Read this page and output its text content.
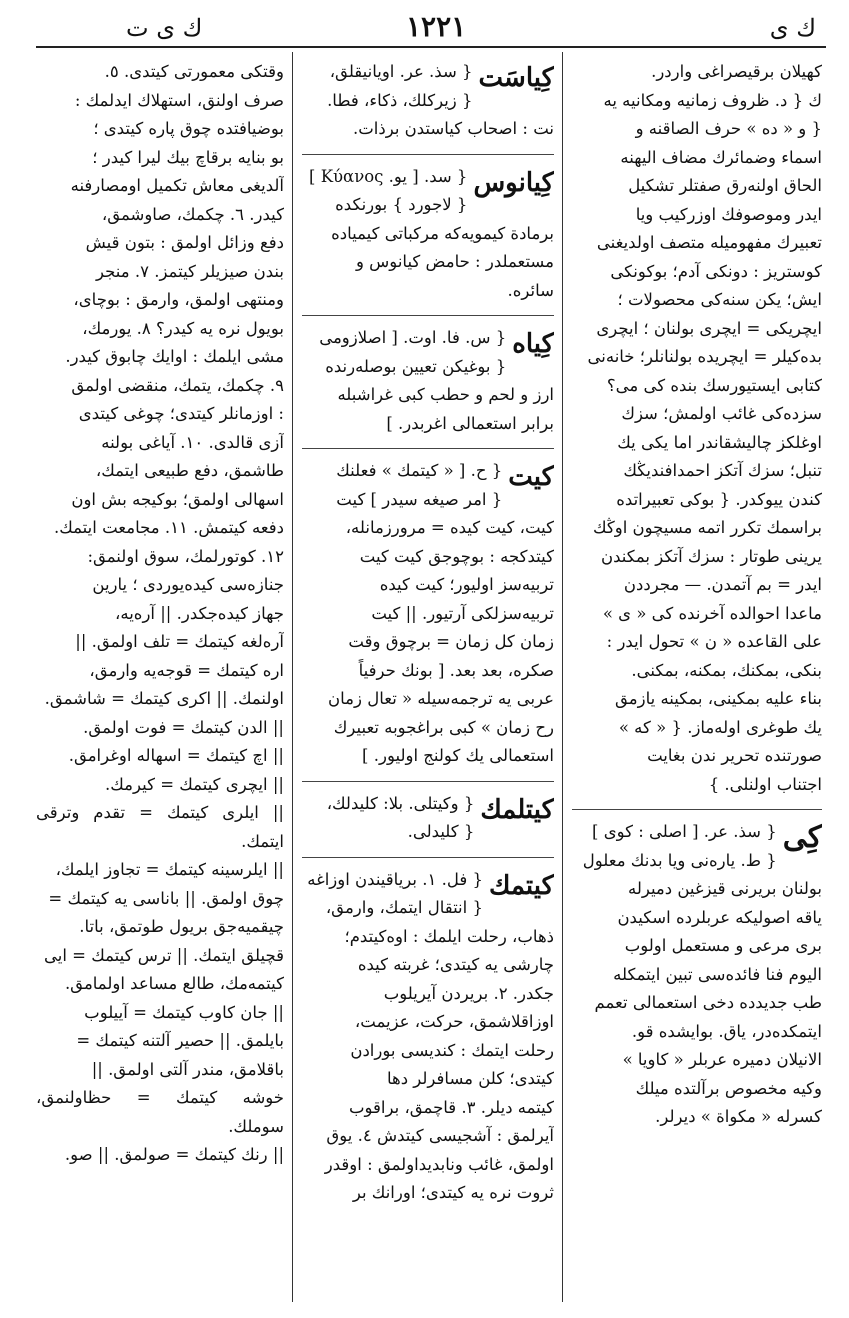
ك ى ت	١٢٢١	ك ى

كهيلان برقيصراغى واردر.

ك { د. ظروف زمانيه ومكانيه يه

{ و « ده » حرف الصاقنه و

اسماء وضمائرك مضاف اليهنه

الحاق اولنەرق صفتلر تشكيل

ايدر وموصوفك اوزركيب ويا

تعبيرك مفهوميله متصف اولديغنى

كوستريز : دونكى آدم؛ بوكونكى

ايش؛ يكن سنەكى محصولات ؛

ايچريكى = ايچرى بولنان ؛ ايچرى

بدەكيلر = ايچريده بولنانلر؛ خانەنى

كتابى ايستيورسك بنده كى مى؟

سزدەكى غائب اولمش؛ سزك

اوغلكز چاليشقاندر اما يكى يك

تنبل؛ سزك آتكز احمدافنديڭك

كندن ييوكدر. { بوكى تعبيراتده

براسمك تكرر اتمه مسيچون اوڭك

يرينى طوتار : سزك آتكز بمكندن

ايدر = بم آتمدن. — مجرددن

ماعدا احوالده آخرنده كى « ى »

على القاعده « ن » تحول ايدر :

بنكى، بمكنك، بمكنه، بمكنى.

بناء عليه بمكينى، بمكينه يازمق

يك طوغرى اولەماز. { « كه »

صورتنده تحرير ندن بغايت

اجتناب اولنلى. }

كِى

{ سذ. عر. [ اصلى : كوى ]

{ ط. يارەنى ويا بدنك معلول

بولنان بريرنى قيزغين دميرله

ياقه اصوليكه عربلرده اسكيدن

برى مرعى و مستعمل اولوب

اليوم فنا فائدەسى تبين ايتمكله

طب جديدده دخى استعمالى تعمم

ايتمكدەدر، ياق. بوايشده قو.

الانيلان دميره عربلر « كاويا »

وكيه مخصوص برآلتده ميلك

كسرله « مكواة » ديرلر.

كِياسَت

{ سذ. عر. اويانيقلق،

{ زيركلك، ذكاء، فطا.

نت : اصحاب كياستدن برذات.

كِيانوس

{ سد. [ يو. Κύανος ]

{ لاجورد } بورنكده

برمادة كيمويەكه مركباتى كيمياده

مستعملدر : حامض كيانوس و

سائره.

كِياه

{ س. فا. اوت. [ اصلازومى

{ بوغيكن تعيين بوصلەرنده

ارز و لحم و حطب كبى غراشبله

برابر استعمالى اغربدر. ]

كيت

{ ح. [ « كيتمك » فعلنك

{ امر صيغه سيدر ] كيت

كيت، كيت كيده = مرورزمانله،

كيتدكجه : بوچوجق كيت كيت

تربيەسز اوليور؛ كيت كيده

تربيەسزلكى آرتيور. || كيت

زمان كل زمان = برچوق وقت

صكره، بعد بعد. [ بونك حرفياً

عربى يه ترجمەسيله « تعال زمان

رح زمان » كبى براغجوبه تعبيرك

استعمالى يك كولنج اوليور. ]

كيتلمك

{ وكيتلى. بلا: كليدلك،

{ كليدلى.

كيتمك

{ فل. ١. برياقيندن اوزاغه

{ انتقال ايتمك، وارمق،

ذهاب، رحلت ايلمك : اوەكيتدم؛

چارشى يه كيتدى؛ غربته كيده

جكدر. ٢. بريردن آيريلوب

اوزاقلاشمق، حركت، عزيمت،

رحلت ايتمك : كنديسى بورادن

كيتدى؛ كلن مسافرلر دها

كيتمه ديلر. ٣. قاچمق، براقوب

آيرلمق : آشجيسى كيتدش ٤. يوق

اولمق، غائب ونابديداولمق : اوقدر

ثروت نره يه كيتدى؛ اورانك بر

وقتكى معمورتى كيتدى. ٥.

صرف اولنق، استهلاك ايدلمك :

بوضيافتده چوق پاره كيتدى ؛

بو بنايه برقاچ بيك ليرا كيدر ؛

آلديغى معاش تكميل اومصارفنه

كيدر. ٦. چكمك، صاوشمق،

دفع وزائل اولمق : بتون قيش

بندن صيزيلر كيتمز. ٧. منجر

ومنتهى اولمق، وارمق : بوچاى،

بويول نره يه كيدر؟ ٨. يورمك،

مشى ايلمك : اوايك چابوق كيدر.

٩. چكمك، يتمك، منقضى اولمق

: اوزمانلر كيتدى؛ چوغى كيتدى

آزى قالدى. ١٠. آياغى بولنه

طاشمق، دفع طبيعى ايتمك،

اسهالى اولمق؛ بوكيجه بش اون

دفعه كيتمش. ١١. مجامعت ايتمك.

١٢. كوتورلمك، سوق اولنمق:

جنازەسى كيدەيوردى ؛ يارين

جهاز كيدەجكدر. || آرەيه،

آرەلغه كيتمك = تلف اولمق. ||

اره كيتمك = قوجەيه وارمق،

اولنمك. || اكرى كيتمك = شاشمق.

|| الدن كيتمك = فوت اولمق.

|| اچ كيتمك = اسهاله اوغرامق.

|| ايچرى كيتمك = كيرمك.

|| ايلرى كيتمك = تقدم وترقى ايتمك.

|| ايلرسينه كيتمك = تجاوز ايلمك،

چوق اولمق. || باناسى يه كيتمك =

چيقميەجق بريول طوتمق، باتا.

قچيلق ايتمك. || ترس كيتمك = ايى

كيتمەمك، طالع مساعد اولمامق.

|| جان كاوب كيتمك = آييلوب

بايلمق. || حصير آلتنه كيتمك =

باقلامق، مندر آلتى اولمق. ||

خوشه كيتمك = حظاولنمق، سوملك.

|| رنك كيتمك = صولمق. || صو.
